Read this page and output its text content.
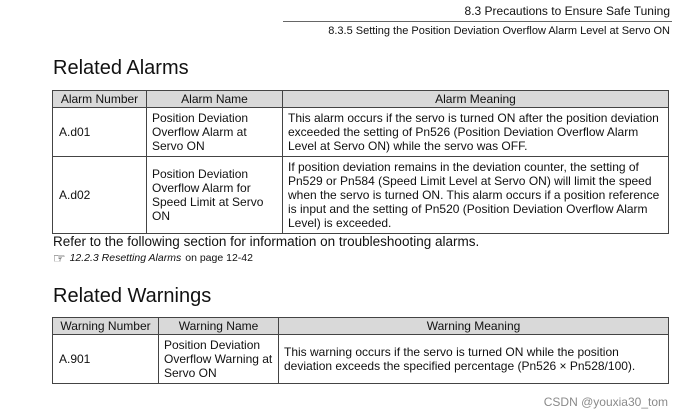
8.3 Precautions to Ensure Safe Tuning
8.3.5 Setting the Position Deviation Overflow Alarm Level at Servo ON
Related Alarms
Alarm Number	Alarm Name	Alarm Meaning
A.d01	Position Deviation Overflow Alarm at Servo ON	This alarm occurs if the servo is turned ON after the position deviation exceeded the setting of Pn526 (Position Deviation Overflow Alarm Level at Servo ON) while the servo was OFF.
A.d02	Position Deviation Overflow Alarm for Speed Limit at Servo ON	If position deviation remains in the deviation counter, the setting of Pn529 or Pn584 (Speed Limit Level at Servo ON) will limit the speed when the servo is turned ON. This alarm occurs if a position reference is input and the setting of Pn520 (Position Deviation Overflow Alarm Level) is exceeded.
Refer to the following section for information on troubleshooting alarms.
☞ 12.2.3 Resetting Alarms on page 12-42
Related Warnings
Warning Number	Warning Name	Warning Meaning
A.901	Position Deviation Overflow Warning at Servo ON	This warning occurs if the servo is turned ON while the position deviation exceeds the specified percentage (Pn526 × Pn528/100).
CSDN @youxia30_tom
